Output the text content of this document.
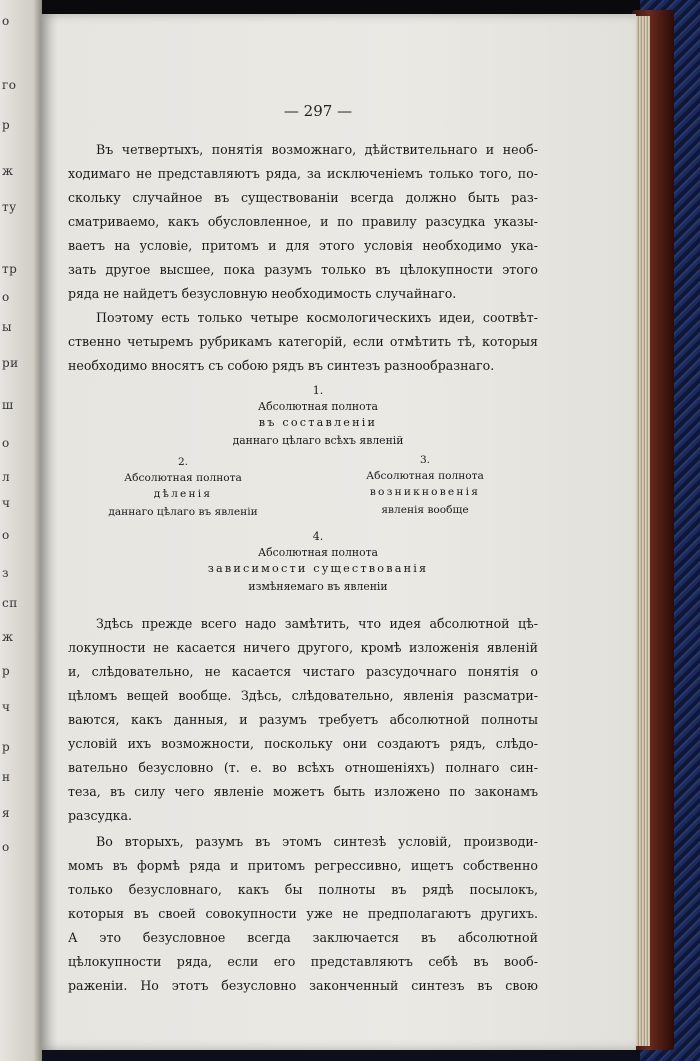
о
го
р
ж
ту
тр
о
ы
ри
ш
о
л
ч
о
з
сп
ж
р
ч
р
н
я
о
— 297 —
Въ четвертыхъ, понятія возможнаго, дѣйствительнаго и необ-
ходимаго не представляютъ ряда, за исключеніемъ только того, по-
скольку случайное въ существованіи всегда должно быть раз-
сматриваемо, какъ обусловленное, и по правилу разсудка указы-
ваетъ на условіе, притомъ и для этого условія необходимо ука-
зать другое высшее, пока разумъ только въ цѣлокупности этого
ряда не найдетъ безусловную необходимость случайнаго.
Поэтому есть только четыре космологическихъ идеи, соотвѣт-
ственно четыремъ рубрикамъ категорій, если отмѣтить тѣ, которыя
необходимо вносятъ съ собою рядъ въ синтезъ разнообразнаго.
1.
Абсолютная полнота
въ составленіи
даннаго цѣлаго всѣхъ явленій
2.
Абсолютная полнота
дѣленія
даннаго цѣлаго въ явленіи
3.
Абсолютная полнота
возникновенія
явленія вообще
4.
Абсолютная полнота
зависимости существованія
измѣняемаго въ явленіи
Здѣсь прежде всего надо замѣтить, что идея абсолютной цѣ-
локупности не касается ничего другого, кромѣ изложенія явленій
и, слѣдовательно, не касается чистаго разсудочнаго понятія о
цѣломъ вещей вообще. Здѣсь, слѣдовательно, явленія разсматри-
ваются, какъ данныя, и разумъ требуетъ абсолютной полноты
условій ихъ возможности, поскольку они создаютъ рядъ, слѣдо-
вательно безусловно (т. е. во всѣхъ отношеніяхъ) полнаго син-
теза, въ силу чего явленіе можетъ быть изложено по законамъ
разсудка.
Во вторыхъ, разумъ въ этомъ синтезѣ условій, производи-
момъ въ формѣ ряда и притомъ регрессивно, ищетъ собственно
только безусловнаго, какъ бы полноты въ рядѣ посылокъ,
которыя въ своей совокупности уже не предполагаютъ другихъ.
А это безусловное всегда заключается въ абсолютной
цѣлокупности ряда, если его представляютъ себѣ въ вооб-
раженіи. Но этотъ безусловно законченный синтезъ въ свою
